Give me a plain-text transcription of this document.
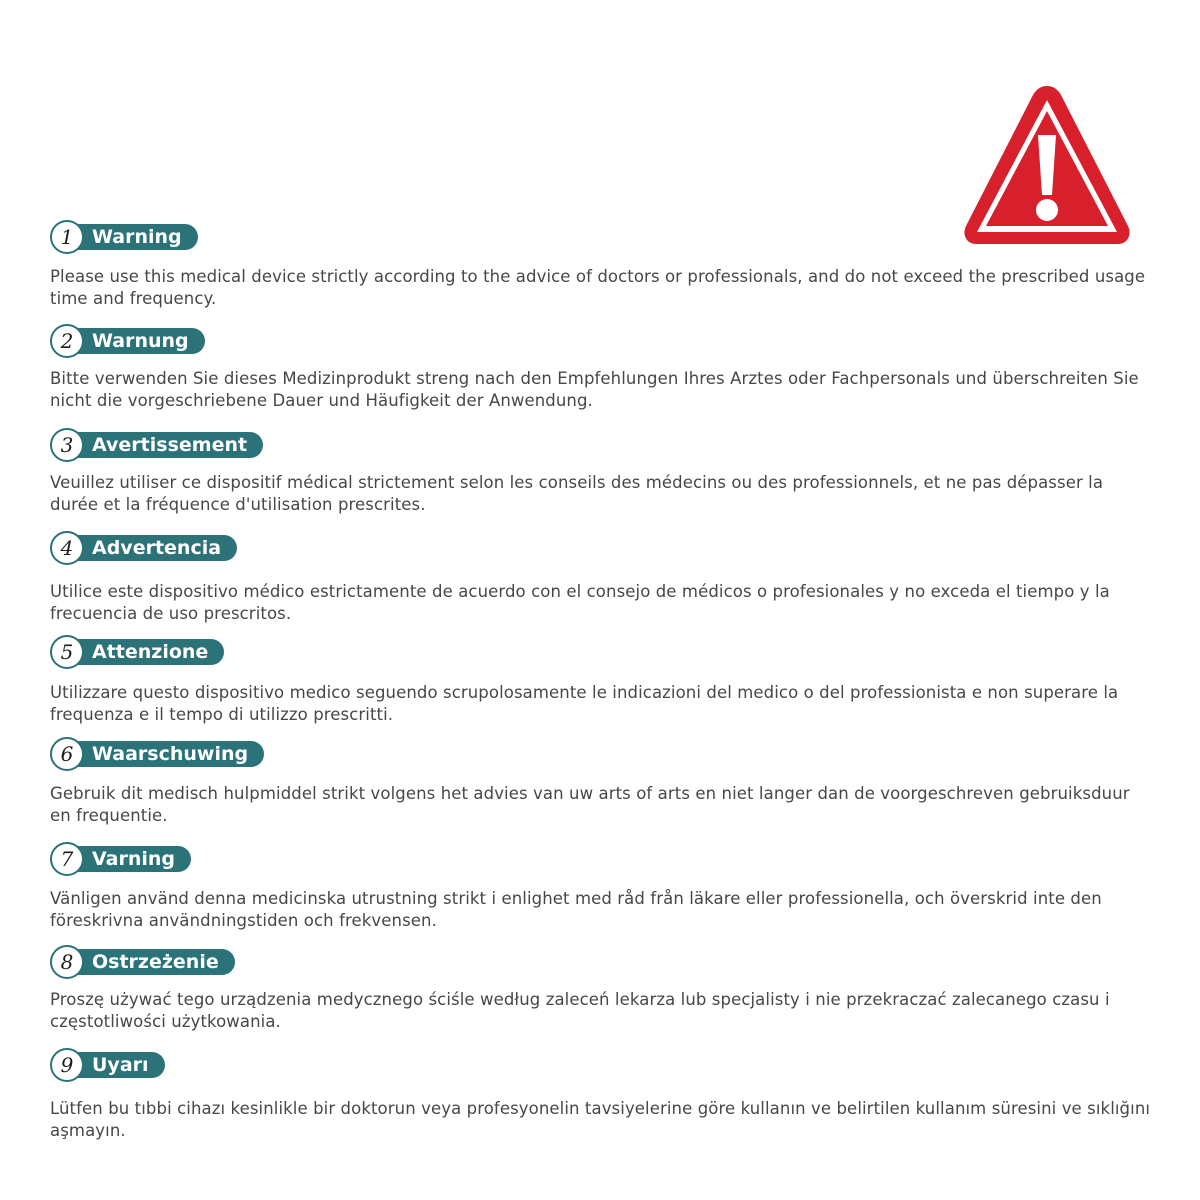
1 Warning

Please use this medical device strictly according to the advice of doctors or professionals, and do not exceed the prescribed usage time and frequency.

2 Warnung

Bitte verwenden Sie dieses Medizinprodukt streng nach den Empfehlungen Ihres Arztes oder Fachpersonals und überschreiten Sie nicht die vorgeschriebene Dauer und Häufigkeit der Anwendung.

3 Avertissement

Veuillez utiliser ce dispositif médical strictement selon les conseils des médecins ou des professionnels, et ne pas dépasser la durée et la fréquence d'utilisation prescrites.

4 Advertencia

Utilice este dispositivo médico estrictamente de acuerdo con el consejo de médicos o profesionales y no exceda el tiempo y la frecuencia de uso prescritos.

5 Attenzione

Utilizzare questo dispositivo medico seguendo scrupolosamente le indicazioni del medico o del professionista e non superare la frequenza e il tempo di utilizzo prescritti.

6 Waarschuwing

Gebruik dit medisch hulpmiddel strikt volgens het advies van uw arts of arts en niet langer dan de voorgeschreven gebruiksduur en frequentie.

7 Varning

Vänligen använd denna medicinska utrustning strikt i enlighet med råd från läkare eller professionella, och överskrid inte den föreskrivna användningstiden och frekvensen.

8 Ostrzeżenie

Proszę używać tego urządzenia medycznego ściśle według zaleceń lekarza lub specjalisty i nie przekraczać zalecanego czasu i częstotliwości użytkowania.

9 Uyarı

Lütfen bu tıbbi cihazı kesinlikle bir doktorun veya profesyonelin tavsiyelerine göre kullanın ve belirtilen kullanım süresini ve sıklığını aşmayın.
